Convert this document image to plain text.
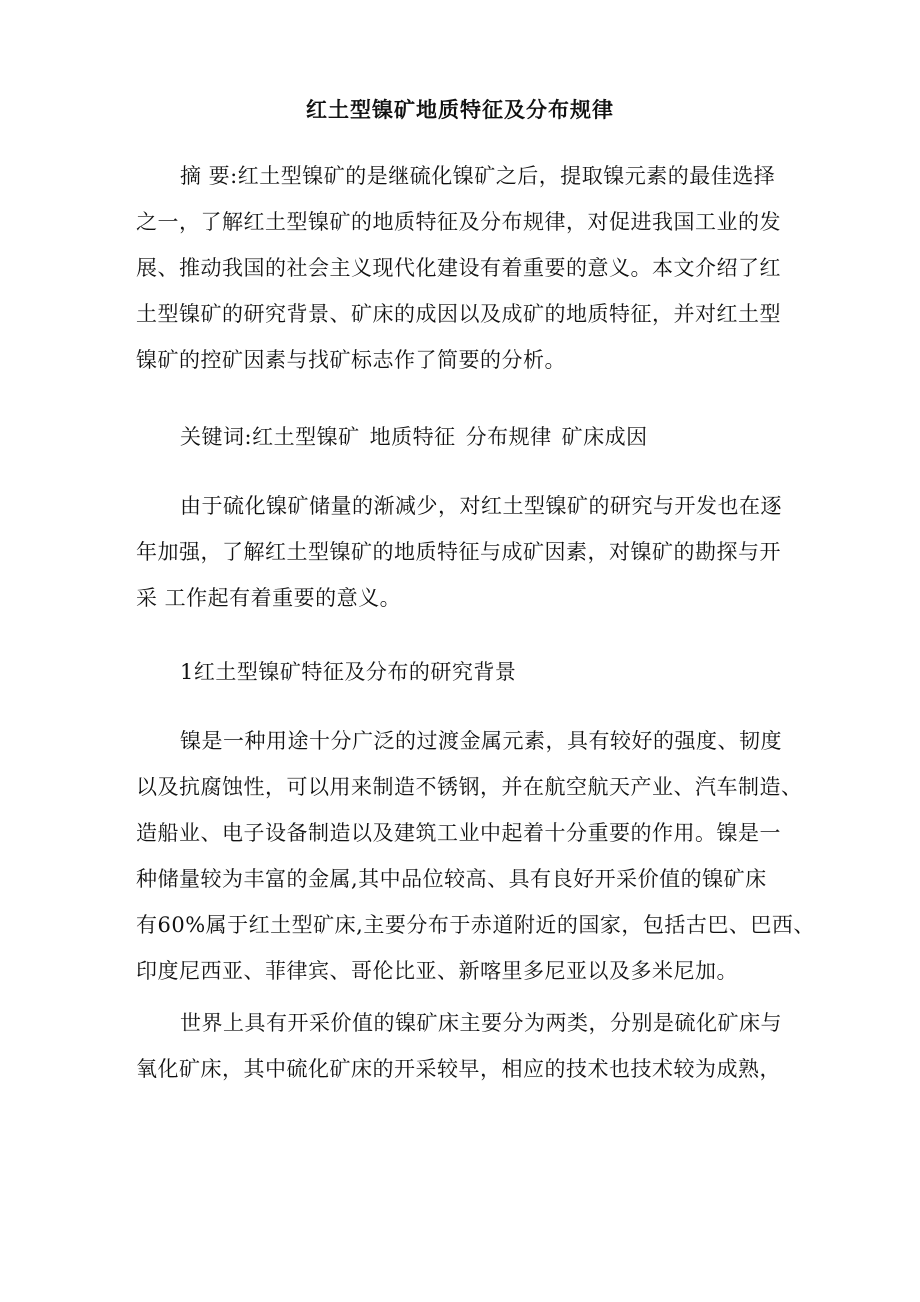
红土型镍矿地质特征及分布规律
摘 要:红土型镍矿的是继硫化镍矿之后，提取镍元素的最佳选择
之一，了解红土型镍矿的地质特征及分布规律，对促进我国工业的发
展、推动我国的社会主义现代化建设有着重要的意义。本文介绍了红
土型镍矿的研究背景、矿床的成因以及成矿的地质特征，并对红土型
镍矿的控矿因素与找矿标志作了简要的分析。
关键词:红土型镍矿 地质特征 分布规律 矿床成因
由于硫化镍矿储量的渐减少，对红土型镍矿的研究与开发也在逐
年加强，了解红土型镍矿的地质特征与成矿因素，对镍矿的勘探与开
采 工作起有着重要的意义。
1红土型镍矿特征及分布的研究背景
镍是一种用途十分广泛的过渡金属元素，具有较好的强度、韧度
以及抗腐蚀性，可以用来制造不锈钢，并在航空航天产业、汽车制造、
造船业、电子设备制造以及建筑工业中起着十分重要的作用。镍是一
种储量较为丰富的金属,其中品位较高、具有良好开采价值的镍矿床
有60%属于红土型矿床,主要分布于赤道附近的国家，包括古巴、巴西、
印度尼西亚、菲律宾、哥伦比亚、新喀里多尼亚以及多米尼加。
世界上具有开采价值的镍矿床主要分为两类，分别是硫化矿床与
氧化矿床，其中硫化矿床的开采较早，相应的技术也技术较为成熟，
